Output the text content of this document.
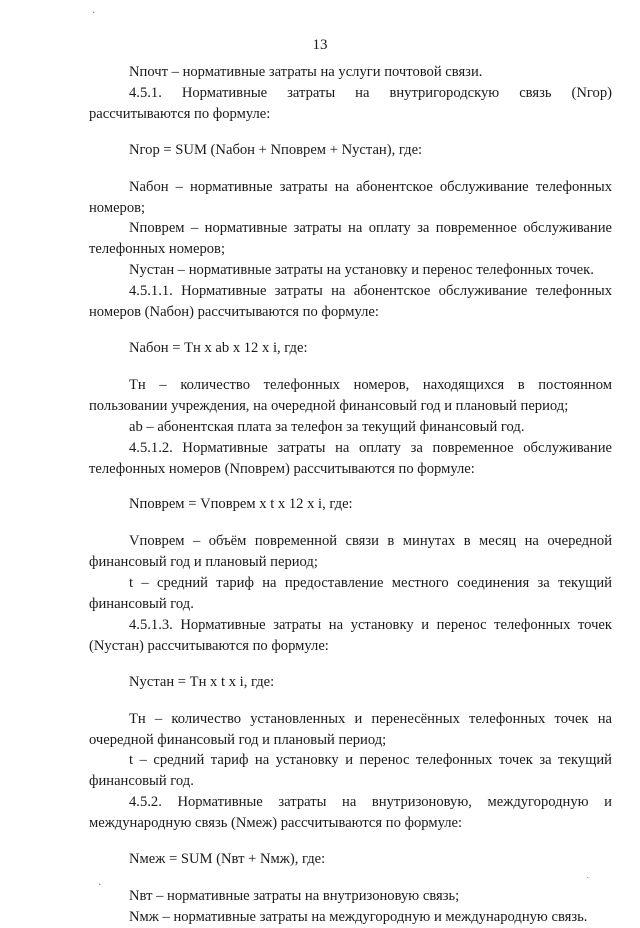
·
13

Nпочт – нормативные затраты на услуги почтовой связи.

4.5.1. Нормативные затраты на внутригородскую связь (Nгор) рассчитываются по формуле:

Nгор = SUM (Nабон + Nповрем + Nустан), где:

Nабон – нормативные затраты на абонентское обслуживание телефонных номеров;

Nповрем – нормативные затраты на оплату за повременное обслуживание телефонных номеров;

Nустан – нормативные затраты на установку и перенос телефонных точек.

4.5.1.1. Нормативные затраты на абонентское обслуживание телефонных номеров (Nабон) рассчитываются по формуле:

Nабон = Tн х ab х 12 х i, где:

Tн – количество телефонных номеров, находящихся в постоянном пользовании учреждения, на очередной финансовый год и плановый период;

ab – абонентская плата за телефон за текущий финансовый год.

4.5.1.2. Нормативные затраты на оплату за повременное обслуживание телефонных номеров (Nповрем) рассчитываются по формуле:

Nповрем = Vповрем х t х 12 х i, где:

Vповрем – объём повременной связи в минутах в месяц на очередной финансовый год и плановый период;

t – средний тариф на предоставление местного соединения за текущий финансовый год.

4.5.1.3. Нормативные затраты на установку и перенос телефонных точек (Nустан) рассчитываются по формуле:

Nустан = Tн х t х i, где:

Tн – количество установленных и перенесённых телефонных точек на очередной финансовый год и плановый период;

t – средний тариф на установку и перенос телефонных точек за текущий финансовый год.

4.5.2. Нормативные затраты на внутризоновую, междугородную и международную связь (Nмеж) рассчитываются по формуле:

Nмеж = SUM (Nвт + Nмж), где:

Nвт – нормативные затраты на внутризоновую связь;

Nмж – нормативные затраты на междугородную и международную связь.

·
ˏ
